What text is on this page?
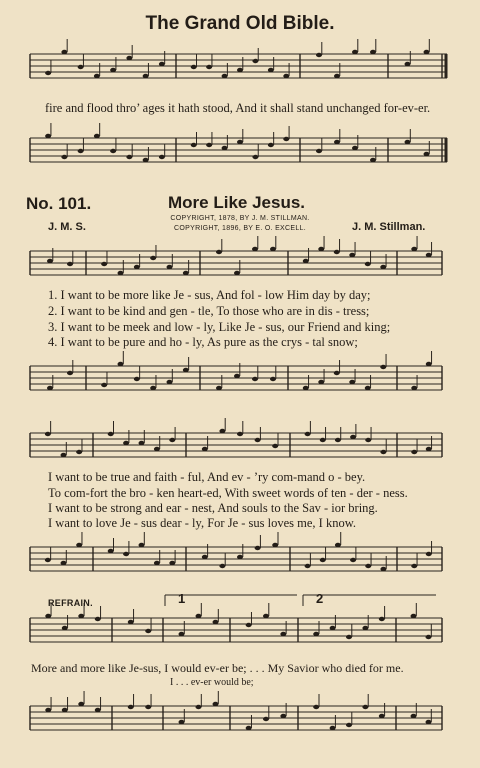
The Grand Old Bible.
fire and flood thro’ ages it hath stood, And it shall stand unchanged for-ev-er.
No. 101.	More Like Jesus.
COPYRIGHT, 1878, BY J. M. STILLMAN.
COPYRIGHT, 1896, BY E. O. EXCELL.
J. M. S.	J. M. Stillman.
1. I want to be more like Je - sus, And fol - low Him day by day;
2. I want to be kind and gen - tle, To those who are in dis - tress;
3. I want to be meek and low - ly, Like Je - sus, our Friend and king;
4. I want to be pure and ho - ly, As pure as the crys - tal snow;
I want to be true and faith - ful, And ev - ’ry com-mand o - bey.
To com-fort the bro - ken heart-ed, With sweet words of ten - der - ness.
I want to be strong and ear - nest, And souls to the Sav - ior bring.
I want to love Je - sus dear - ly, For Je - sus loves me, I know.
REFRAIN.	1	2
More and more like Je-sus, I would ev-er be; . . . My Savior who died for me.
I . . . ev-er would be;
